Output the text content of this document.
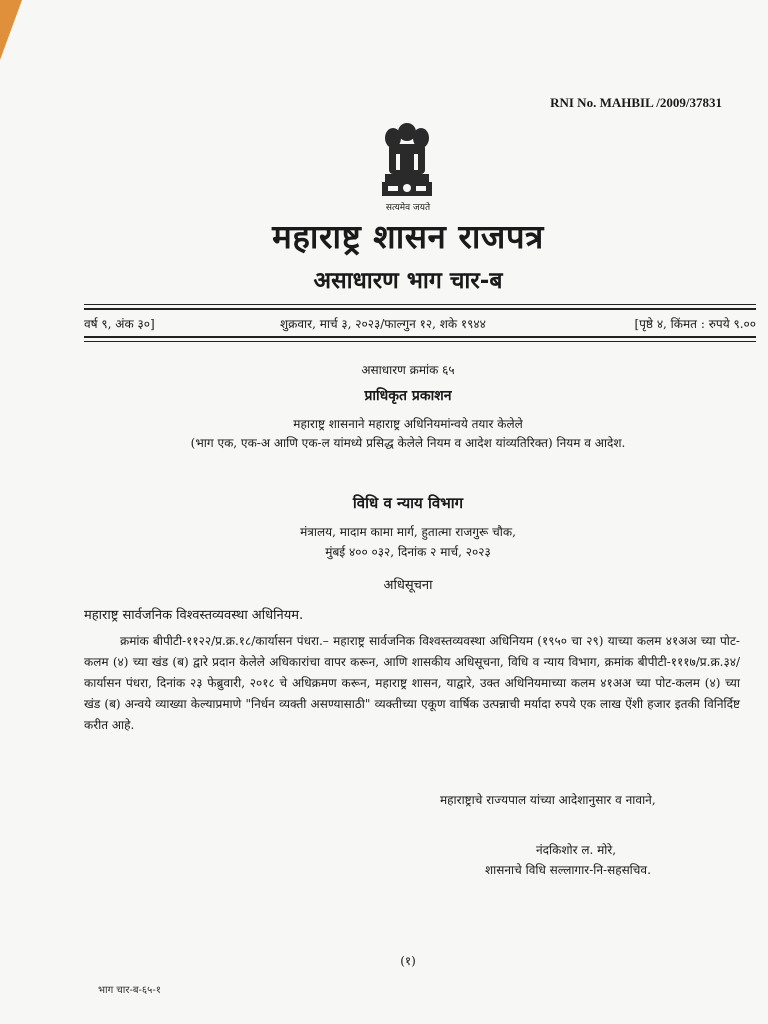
RNI No. MAHBIL /2009/37831
सत्यमेव जयते
महाराष्ट्र शासन राजपत्र
असाधारण भाग चार-ब
वर्ष ९, अंक ३०]	शुक्रवार, मार्च ३, २०२३/फाल्गुन १२, शके १९४४	[पृष्ठे ४, किंमत : रुपये ९.००
असाधारण क्रमांक ६५
प्राधिकृत प्रकाशन
महाराष्ट्र शासनाने महाराष्ट्र अधिनियमांन्वये तयार केलेले
(भाग एक, एक-अ आणि एक-ल यांमध्ये प्रसिद्ध केलेले नियम व आदेश यांव्यतिरिक्त) नियम व आदेश.
विधि व न्याय विभाग
मंत्रालय, मादाम कामा मार्ग, हुतात्मा राजगुरू चौक,
मुंबई ४०० ०३२, दिनांक २ मार्च, २०२३
अधिसूचना
महाराष्ट्र सार्वजनिक विश्वस्तव्यवस्था अधिनियम.
क्रमांक बीपीटी-११२२/प्र.क्र.१८/कार्यासन पंधरा.– महाराष्ट्र सार्वजनिक विश्वस्तव्यवस्था अधिनियम (१९५० चा २९) याच्या कलम ४१अअ च्या पोट-कलम (४) च्या खंड (ब) द्वारे प्रदान केलेले अधिकारांचा वापर करून, आणि शासकीय अधिसूचना, विधि व न्याय विभाग, क्रमांक बीपीटी-१११७/प्र.क्र.३४/कार्यासन पंधरा, दिनांक २३ फेब्रुवारी, २०१८ चे अधिक्रमण करून, महाराष्ट्र शासन, याद्वारे, उक्त अधिनियमाच्या कलम ४१अअ च्या पोट-कलम (४) च्या खंड (ब) अन्वये व्याख्या केल्याप्रमाणे "निर्धन व्यक्ती असण्यासाठी" व्यक्तीच्या एकूण वार्षिक उत्पन्नाची मर्यादा रुपये एक लाख ऐंशी हजार इतकी विनिर्दिष्ट करीत आहे.
महाराष्ट्राचे राज्यपाल यांच्या आदेशानुसार व नावाने,
नंदकिशोर ल. मोरे,
शासनाचे विधि सल्लागार-नि-सहसचिव.
(१)
भाग चार-ब-६५-१
